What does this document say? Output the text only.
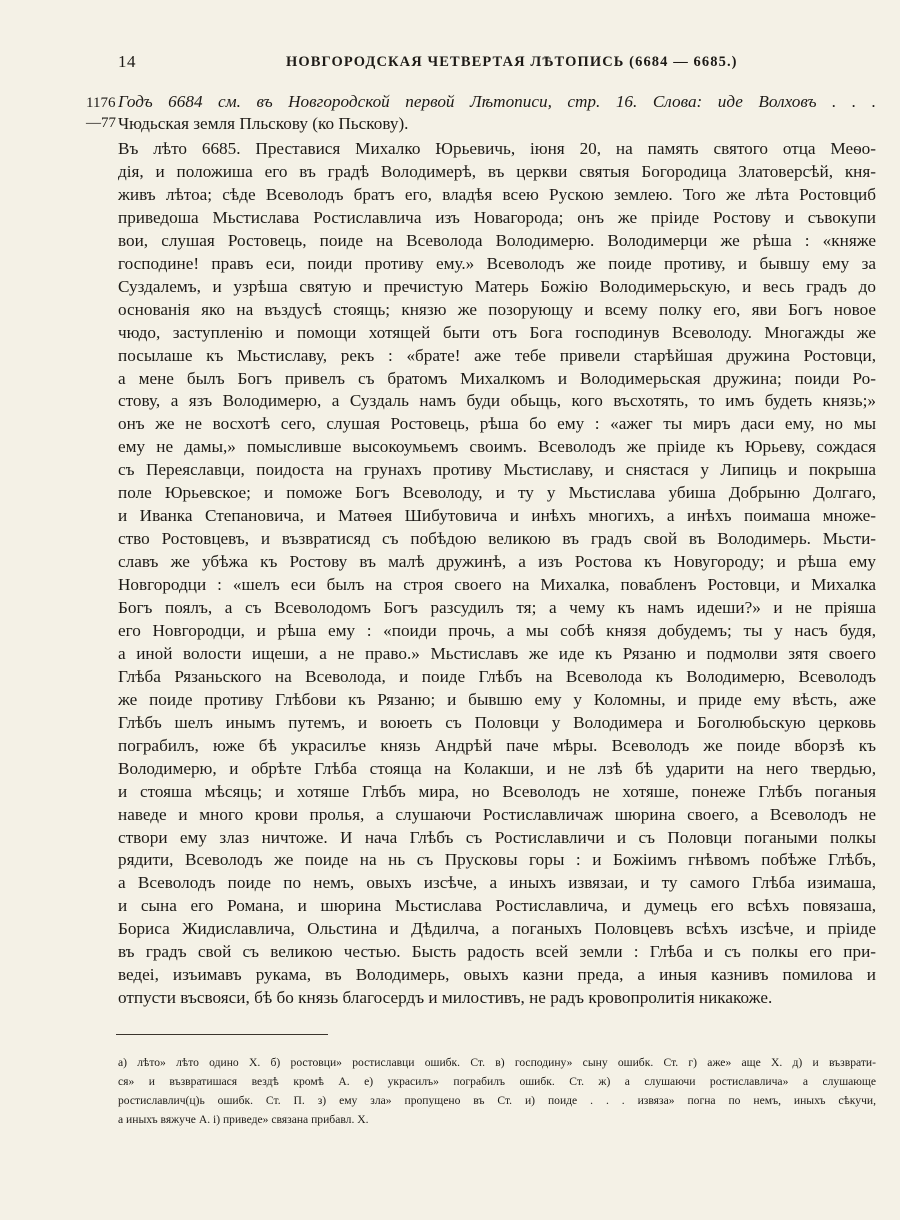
14	НОВГОРОДСКАЯ ЧЕТВЕРТАЯ ЛѢТОПИСЬ (6684 — 6685.)
1176
—77
Годъ 6684 см. въ Новгородской первой Лѣтописи, стр. 16. Слова: иде Волховъ . . .
Чюдьская земля Пльскову (ко Пьскову).
Въ лѣто 6685. Преставися Михалко Юрьевичь, iюня 20, на память святого отца Меѳо-
дiя, и положиша его въ градѣ Володимерѣ, въ церкви святыя Богородица Златоверсѣй, кня-
живъ лѣтоа; сѣде Всеволодъ братъ его, владѣя всею Рускою землею. Того же лѣта Ростовциб
приведоша Мьстислава Ростиславлича изъ Новагорода; онъ же прiиде Ростову и съвокупи
вои, слушая Ростовець, поиде на Всеволода Володимерю. Володимерци же рѣша : «княже
господине! правъ еси, поиди противу ему.» Всеволодъ же поиде противу, и бывшу ему за
Суздалемъ, и узрѣша святую и пречистую Матерь Божiю Володимерьскую, и весь градъ до
основанiя яко на въздусѣ стоящь; князю же позорующу и всему полку его, яви Богъ новое
чюдо, заступленiю и помощи хотящей быти отъ Бога господинув Всеволоду. Многажды же
посылаше къ Мьстиславу, рекъ : «брате! аже тебе привели старѣйшая дружина Ростовци,
а мене былъ Богъ привелъ съ братомъ Михалкомъ и Володимерьская дружина; поиди Ро-
стову, а язъ Володимерю, а Суздаль намъ буди обьщь, кого въсхотять, то имъ будеть князь;»
онъ же не восхотѣ сего, слушая Ростовець, рѣша бо ему : «ажег ты миръ даси ему, но мы
ему не дамы,» помысливше высокоумьемъ своимъ. Всеволодъ же прiиде къ Юрьеву, сождася
съ Переяславци, поидоста на грунахъ противу Мьстиславу, и снястася у Липиць и покрыша
поле Юрьевское; и поможе Богъ Всеволоду, и ту у Мьстислава убиша Добрыню Долгаго,
и Иванка Степановича, и Матѳея Шибутовича и инѣхъ многихъ, а инѣхъ поимаша множе-
ство Ростовцевъ, и възвратисяд съ побѣдою великою въ градъ свой въ Володимерь. Мьсти-
славъ же убѣжа къ Ростову въ малѣ дружинѣ, а изъ Ростова къ Новугороду; и рѣша ему
Новгородци : «шелъ еси былъ на строя своего на Михалка, повабленъ Ростовци, и Михалка
Богъ поялъ, а съ Всеволодомъ Богъ разсудилъ тя; а чему къ намъ идеши?» и не прiяша
его Новгородци, и рѣша ему : «поиди прочь, а мы собѣ князя добудемъ; ты у насъ будя,
а иной волости ищеши, а не право.» Мьстиславъ же иде къ Рязаню и подмолви зятя своего
Глѣба Рязаньского на Всеволода, и поиде Глѣбъ на Всеволода къ Володимерю, Всеволодъ
же поиде противу Глѣбови къ Рязаню; и бывшю ему у Коломны, и приде ему вѣсть, аже
Глѣбъ шелъ инымъ путемъ, и воюеть съ Половци у Володимера и Боголюбьскую церковь
пограбилъ, юже бѣ украсилъе князь Андрѣй паче мѣры. Всеволодъ же поиде вборзѣ къ
Володимерю, и обрѣте Глѣба стояща на Колакши, и не лзѣ бѣ ударити на него твердью,
и стояша мѣсяць; и хотяше Глѣбъ мира, но Всеволодъ не хотяше, понеже Глѣбъ поганыя
наведе и много крови пролья, а слушаючи Ростиславличаж шюрина своего, а Всеволодъ не
створи ему злаз ничтоже. И нача Глѣбъ съ Ростиславличи и съ Половци погаными полкы
рядити, Всеволодъ же поиде на нь съ Прусковы горы : и Божiимъ гнѣвомъ побѣже Глѣбъ,
а Всеволодъ поиде по немъ, овыхъ изсѣче, а иныхъ извязаи, и ту самого Глѣба изимаша,
и сына его Романа, и шюрина Мьстислава Ростиславлича, и думець его всѣхъ повязаша,
Бориса Жидиславлича, Ольстина и Дѣдилча, а поганыхъ Половцевъ всѣхъ изсѣче, и прiиде
въ градъ свой съ великою честью. Бысть радость всей земли : Глѣба и съ полкы его при-
ведеi, изъимавъ рукама, въ Володимерь, овыхъ казни преда, а иныя казнивъ помилова и
отпусти въсвояси, бѣ бо князь благосердъ и милостивъ, не радъ кровопролитiя никакоже.
а) лѣто» лѣто одино Х. б) ростовци» ростиславци ошибк. Ст. в) господину» сыну ошибк. Ст. г) аже» аще Х. д) и възврати-
ся» и възвратишася вездѣ кромѣ А. е) украсилъ» пограбилъ ошибк. Ст. ж) а слушаючи ростиславлича» а слушающе
ростиславлич(ц)ь ошибк. Ст. П. з) ему зла» пропущено въ Ст. и) поиде . . . извяза» погна по немъ, иныхъ сѣкучи,
а иныхъ вяжуче А. i) приведе» связана прибавл. Х.
